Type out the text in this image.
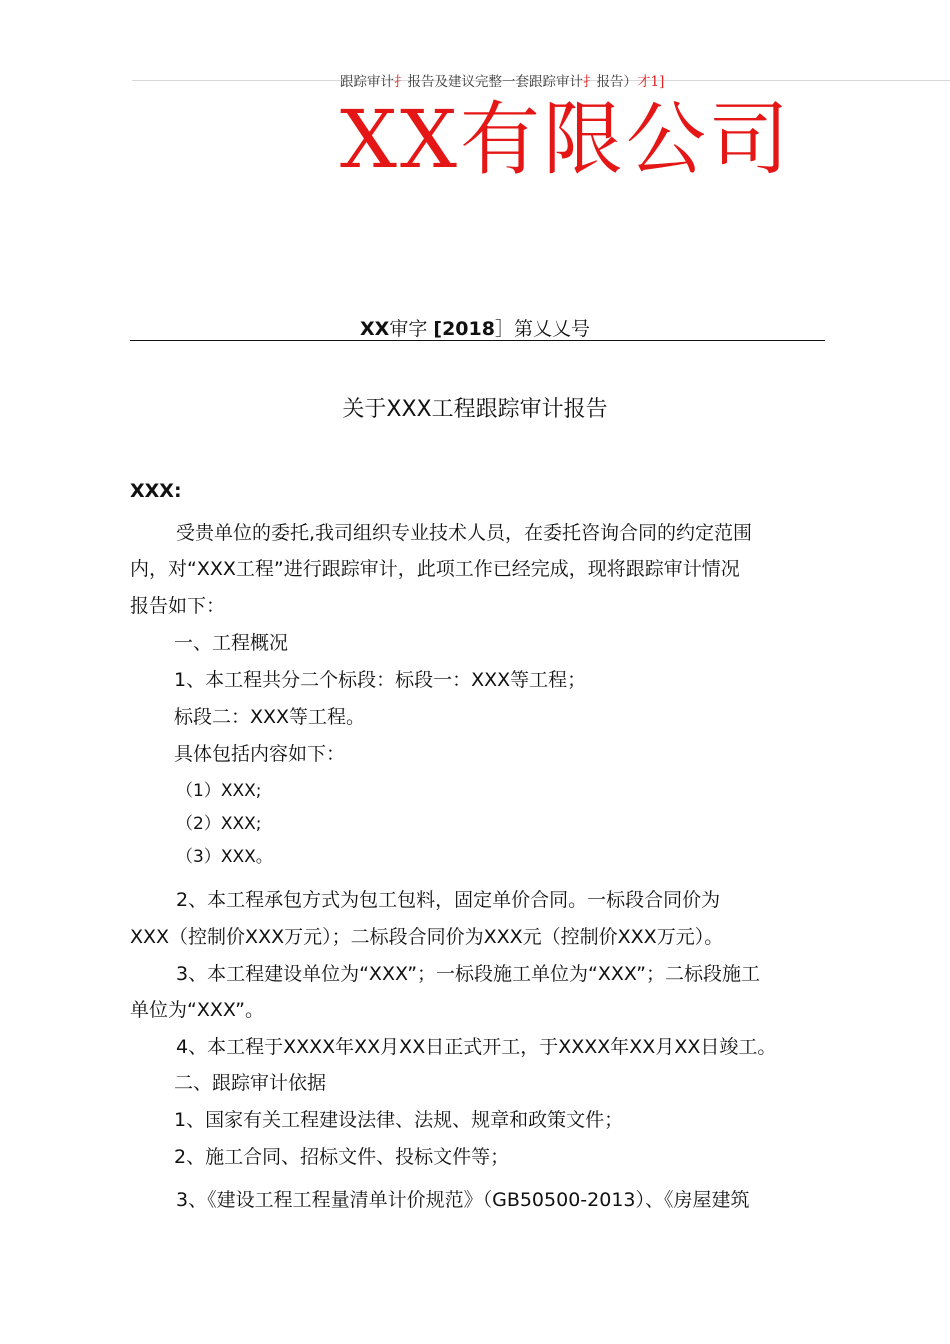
跟踪审计扌报告及建议完整一套跟踪审计扌报告）才1]
XX有限公司
XX审字 [2018］第乂乂号
关于XXX工程跟踪审计报告
XXX:
受贵单位的委托,我司组织专业技术人员，在委托咨询合同的约定范围
内，对“XXX工程”进行跟踪审计，此项工作已经完成，现将跟踪审计情况
报告如下：
一、工程概况
1、本工程共分二个标段：标段一：XXX等工程；
标段二：XXX等工程。
具体包括内容如下：
（1）XXX;
（2）XXX;
（3）XXX。
2、本工程承包方式为包工包料，固定单价合同。一标段合同价为
XXX（控制价XXX万元）；二标段合同价为XXX元（控制价XXX万元）。
3、本工程建设单位为“XXX”；一标段施工单位为“XXX”；二标段施工
单位为“XXX”。
4、本工程于XXXX年XX月XX日正式开工，于XXXX年XX月XX日竣工。
二、跟踪审计依据
1、国家有关工程建设法律、法规、规章和政策文件；
2、施工合同、招标文件、投标文件等；
3、《建设工程工程量清单计价规范》（GB50500-2013）、《房屋建筑
